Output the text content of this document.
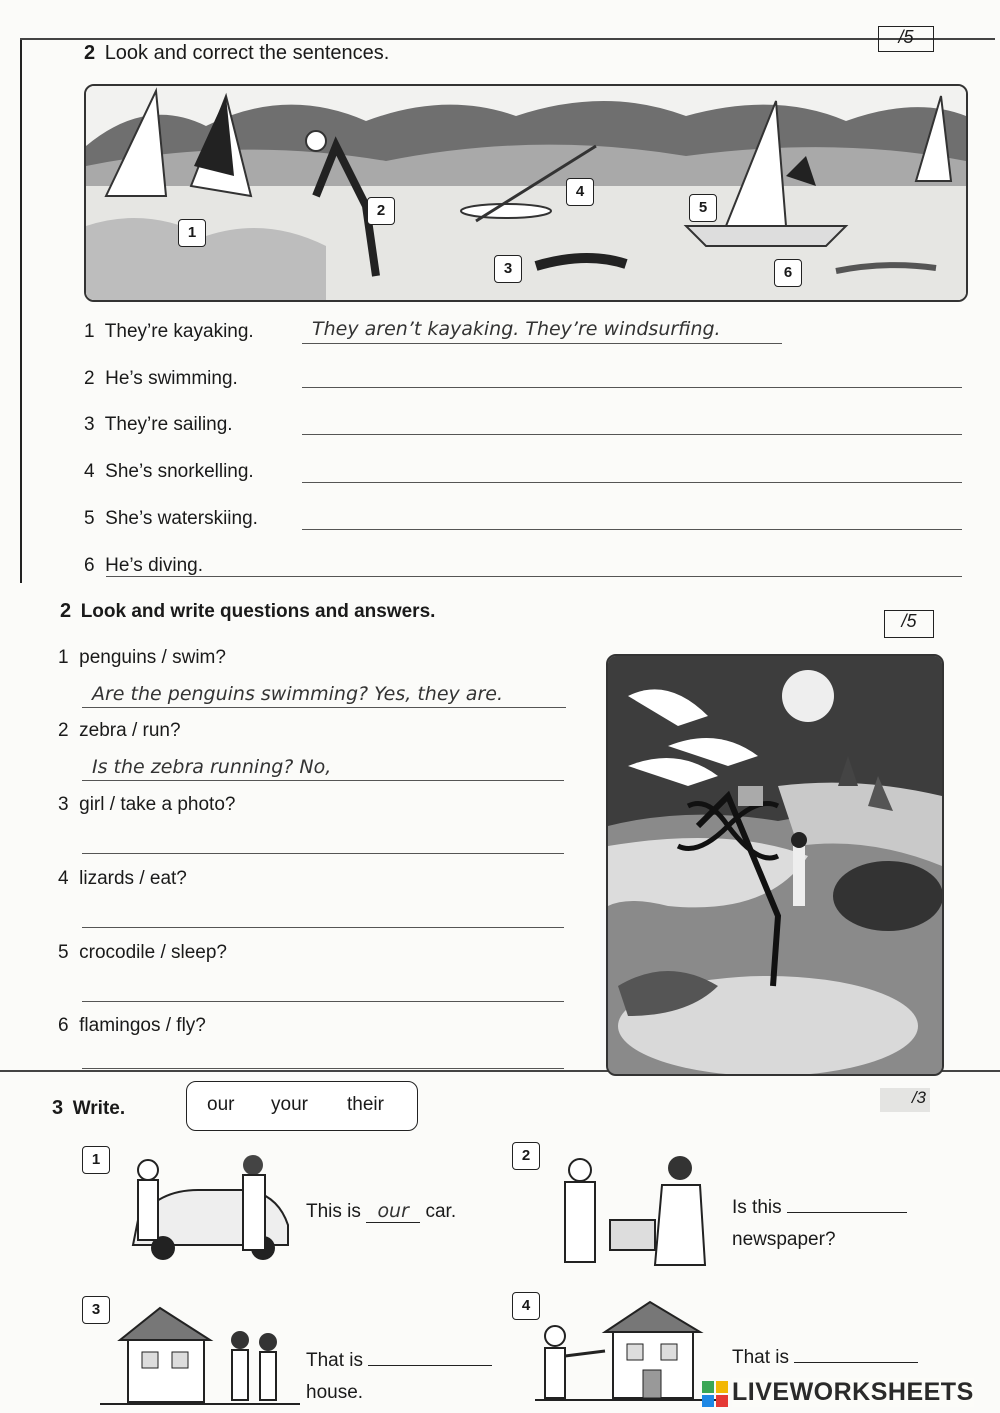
2 Look and correct the sentences.
/5
1
2
3
4
5
6
1 They’re kayaking.	They aren’t kayaking. They’re windsurfing.
2 He’s swimming.
3 They’re sailing.
4 She’s snorkelling.
5 She’s waterskiing.
6 He’s diving.
2 Look and write questions and answers.	/5
1 penguins / swim?
Are the penguins swimming? Yes, they are.
2 zebra / run?
Is the zebra running? No,
3 girl / take a photo?
4 lizards / eat?
5 crocodile / sleep?
6 flamingos / fly?
3 Write.	our your their	/3
1
This is our car.
2
Is this
newspaper?
3
That is
house.
4
That is
LIVEWORKSHEETS
